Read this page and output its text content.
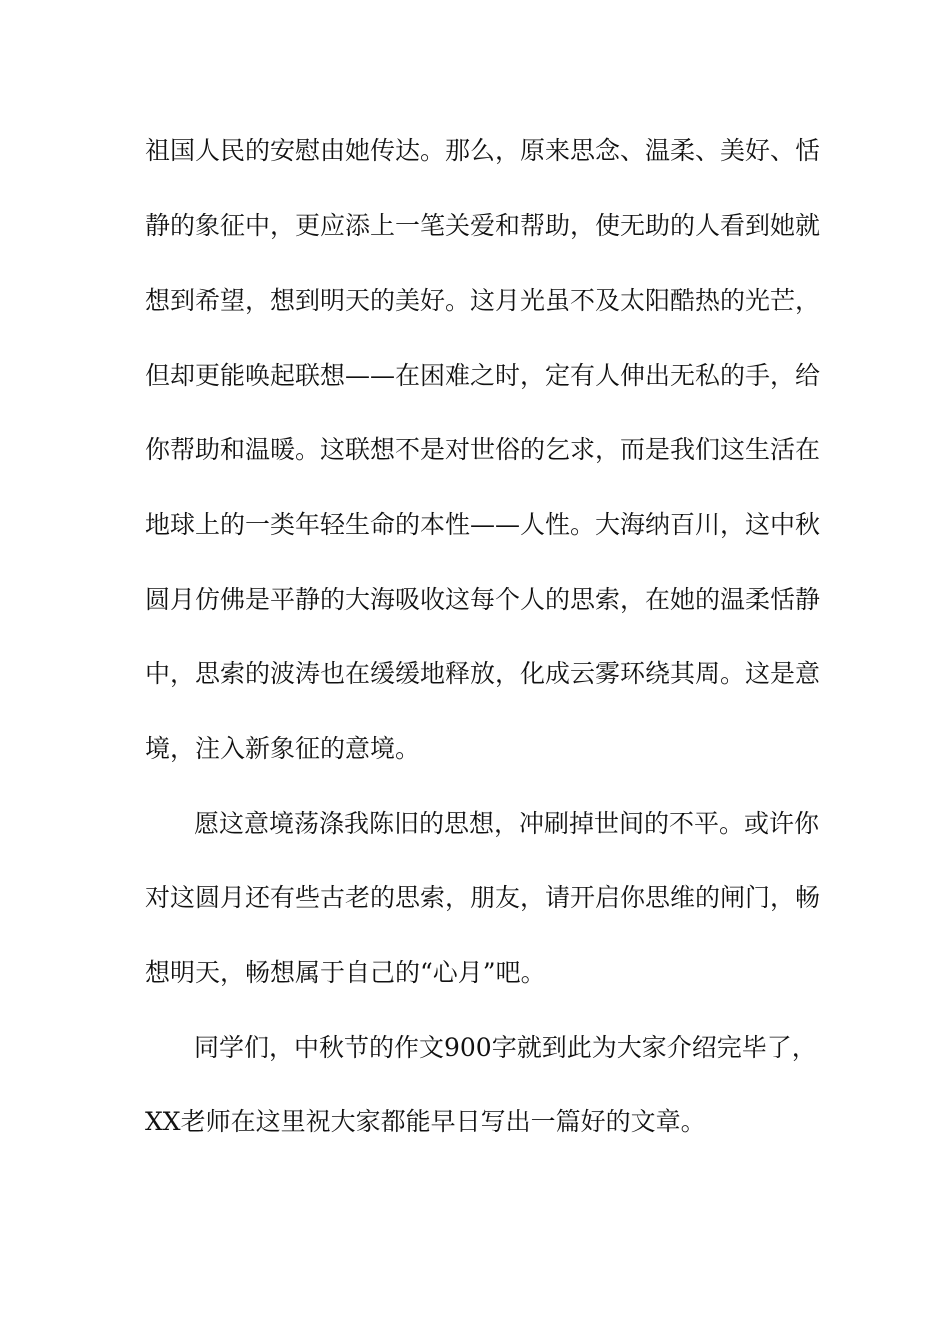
祖国人民的安慰由她传达。那么，原来思念、温柔、美好、恬

静的象征中，更应添上一笔关爱和帮助，使无助的人看到她就

想到希望，想到明天的美好。这月光虽不及太阳酷热的光芒，

但却更能唤起联想——在困难之时，定有人伸出无私的手，给

你帮助和温暖。这联想不是对世俗的乞求，而是我们这生活在

地球上的一类年轻生命的本性——人性。大海纳百川，这中秋

圆月仿佛是平静的大海吸收这每个人的思索，在她的温柔恬静

中，思索的波涛也在缓缓地释放，化成云雾环绕其周。这是意

境，注入新象征的意境。

愿这意境荡涤我陈旧的思想，冲刷掉世间的不平。或许你

对这圆月还有些古老的思索，朋友，请开启你思维的闸门，畅

想明天，畅想属于自己的“心月”吧。

同学们，中秋节的作文900字就到此为大家介绍完毕了，

XX老师在这里祝大家都能早日写出一篇好的文章。
